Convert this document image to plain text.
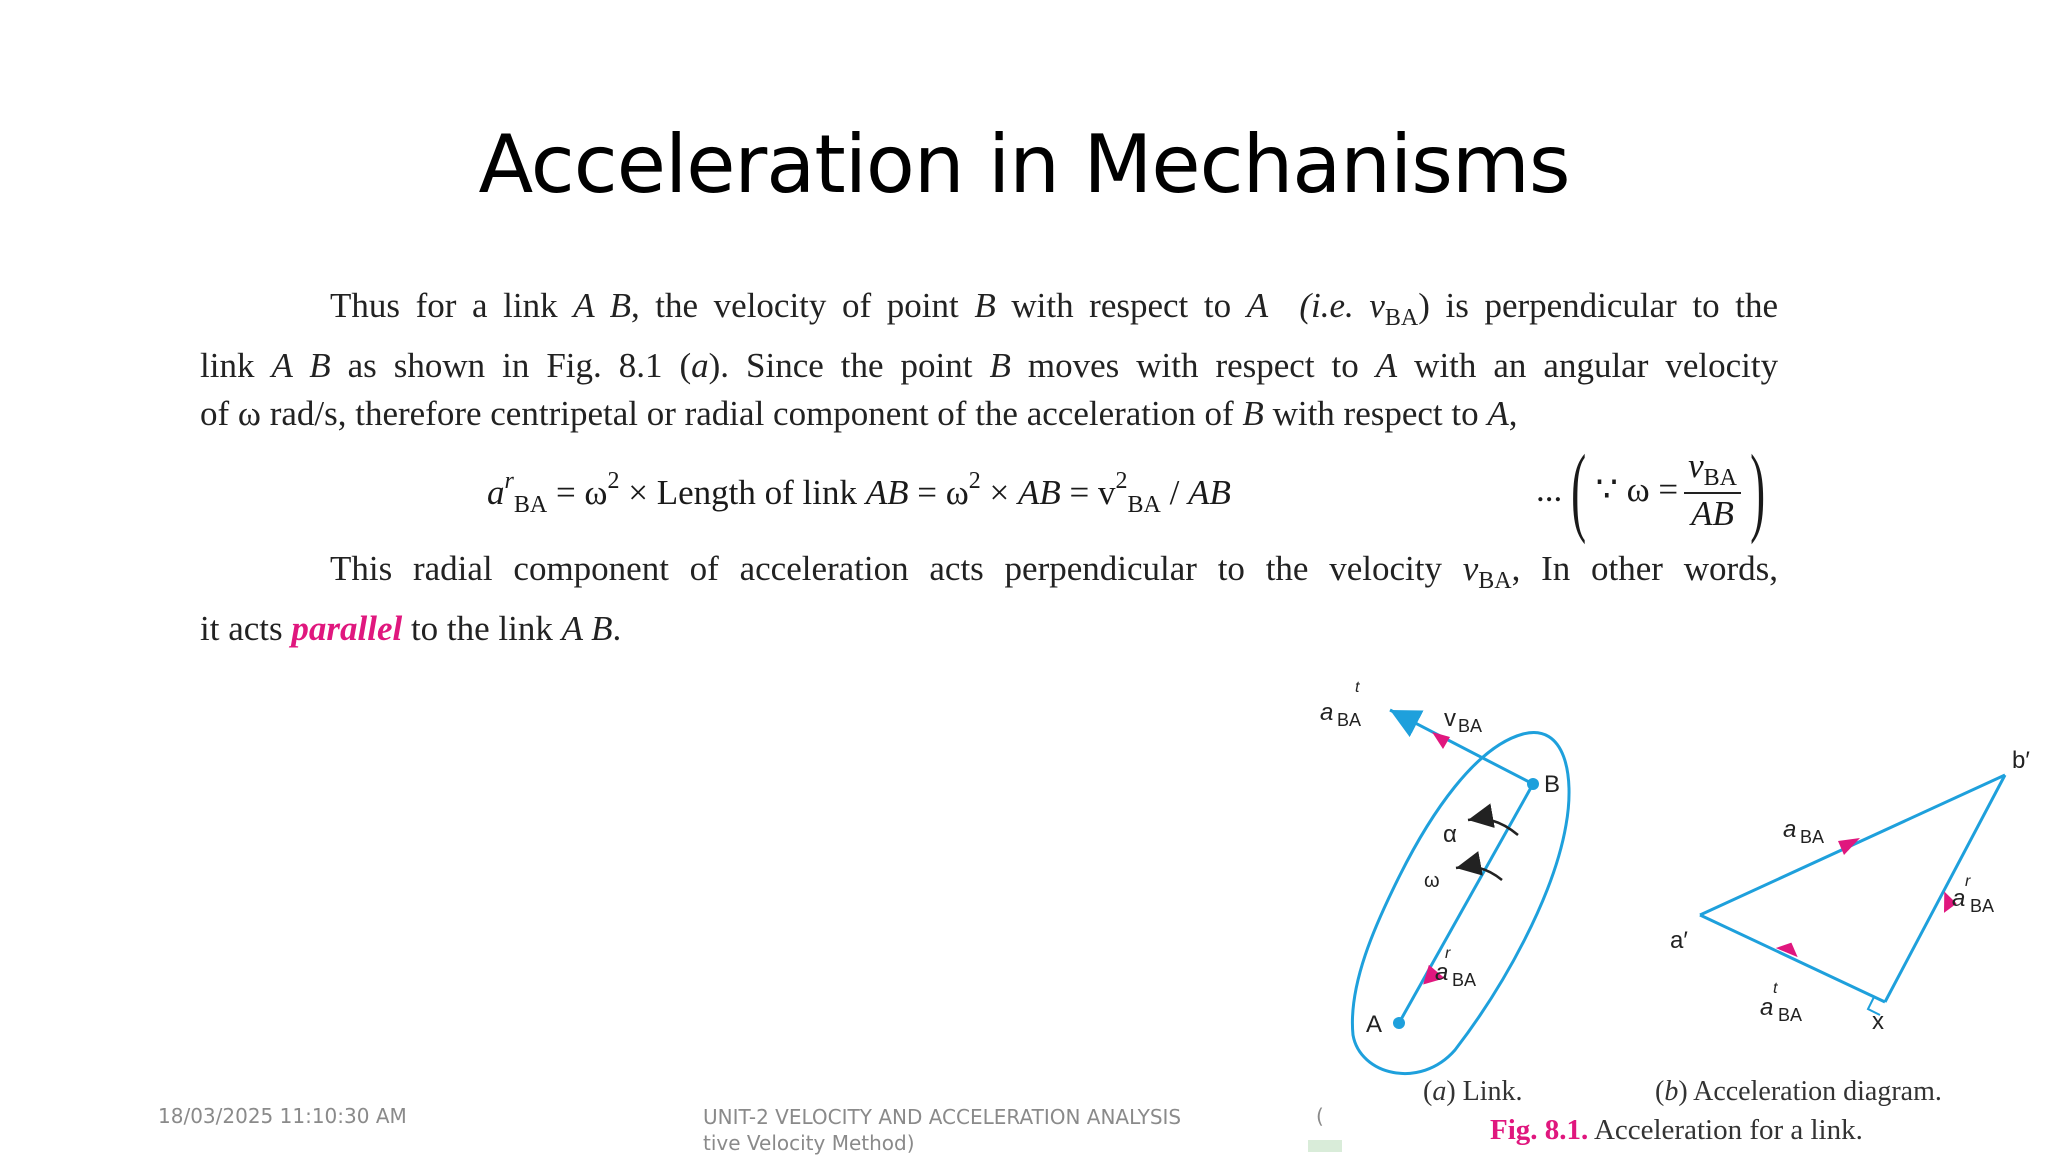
Acceleration in Mechanisms
Thus for a link A B, the velocity of point B with respect to A (i.e. $v_{BA}$) is perpendicular to the
link A B as shown in Fig. 8.1 (a). Since the point B moves with respect to A with an angular velocity
of ω rad/s, therefore centripetal or radial component of the acceleration of B with respect to A,
$a^r_{BA} = \omega^2$ × Length of link AB = $\omega^2$ × AB = $v^2_{BA}$ / AB	... ( ∵ $\omega = \frac{v_{BA}}{AB}$ )
This radial component of acceleration acts perpendicular to the velocity $v_{BA}$, In other words,
it acts parallel to the link A B.
a
t
BA	v BA
B
α
ω
a
r
BA
A
b′
a BA
a
r
BA
a′
a
t
BA	x
(a) Link.	(b) Acceleration diagram.
Fig. 8.1. Acceleration for a link.
18/03/2025 11:10:30 AM	UNIT-2 VELOCITY AND ACCELERATION ANALYSIS
tive Velocity Method)
(
